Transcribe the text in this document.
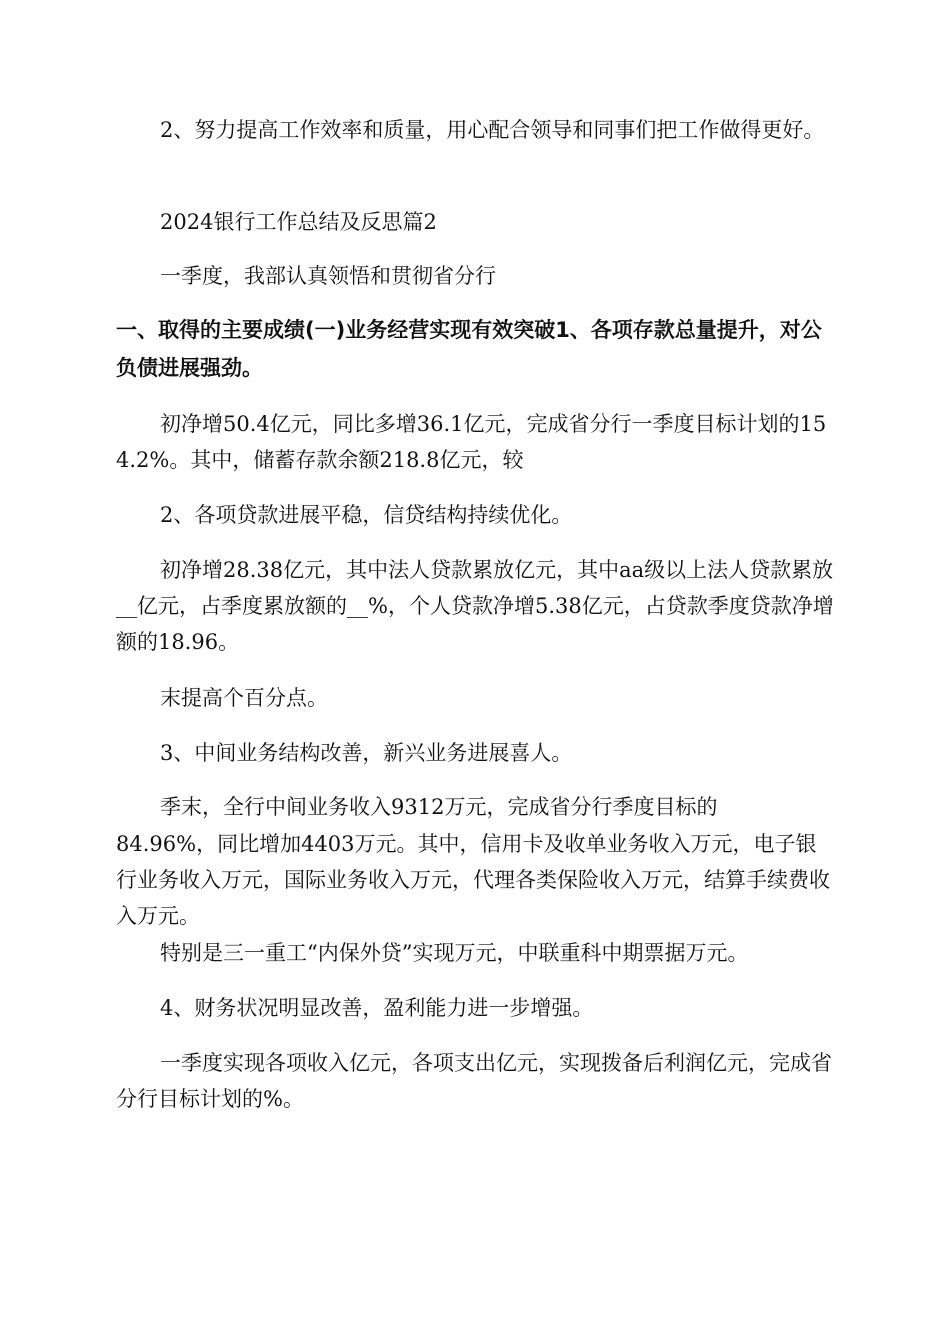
2、努力提高工作效率和质量，用心配合领导和同事们把工作做得更好。

2024银行工作总结及反思篇2

一季度，我部认真领悟和贯彻省分行

一、取得的主要成绩(一)业务经营实现有效突破1、各项存款总量提升，对公负债进展强劲。

初净增50.4亿元，同比多增36.1亿元，完成省分行一季度目标计划的154.2%。其中，储蓄存款余额218.8亿元，较

2、各项贷款进展平稳，信贷结构持续优化。

初净增28.38亿元，其中法人贷款累放亿元，其中aa级以上法人贷款累放__亿元，占季度累放额的__%，个人贷款净增5.38亿元，占贷款季度贷款净增额的18.96。

末提高个百分点。

3、中间业务结构改善，新兴业务进展喜人。

季末，全行中间业务收入9312万元，完成省分行季度目标的

84.96%，同比增加4403万元。其中，信用卡及收单业务收入万元，电子银行业务收入万元，国际业务收入万元，代理各类保险收入万元，结算手续费收入万元。

特别是三一重工“内保外贷”实现万元，中联重科中期票据万元。

4、财务状况明显改善，盈利能力进一步增强。

一季度实现各项收入亿元，各项支出亿元，实现拨备后利润亿元，完成省分行目标计划的%。
